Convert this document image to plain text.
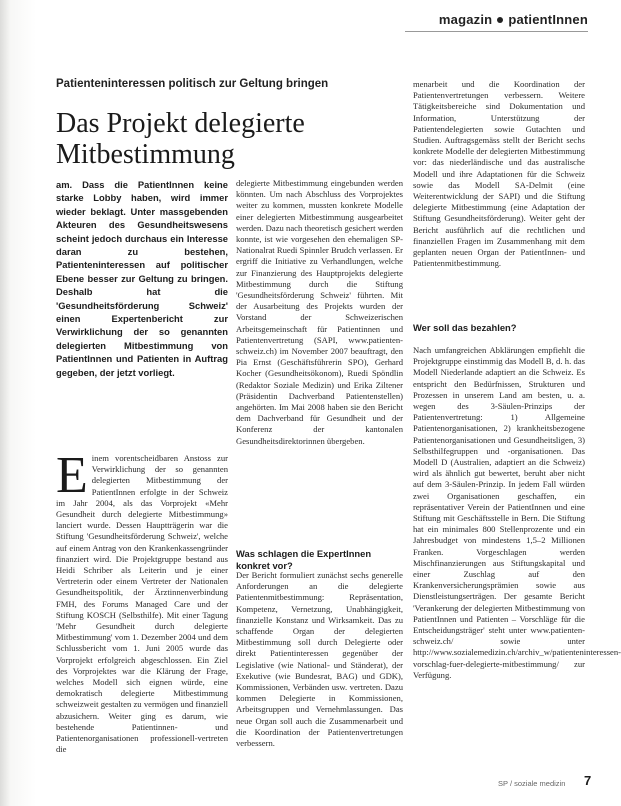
magazin patientInnen
Patienteninteressen politisch zur Geltung bringen
Das Projekt delegierte Mitbestimmung

am. Dass die PatientInnen keine starke Lobby haben, wird immer wieder beklagt. Unter massgebenden Akteuren des Gesundheitswesens scheint jedoch durchaus ein Interesse daran zu bestehen, Patienteninteressen auf politischer Ebene besser zur Geltung zu bringen. Deshalb hat die 'Gesundheitsförderung Schweiz' einen Expertenbericht zur Verwirklichung der so genannten delegierten Mitbestimmung von PatientInnen und Patienten in Auftrag gegeben, der jetzt vorliegt.

E inem vorentscheidbaren Anstoss zur Verwirklichung der so genannten delegierten Mitbestimmung der PatientInnen erfolgte in der Schweiz im Jahr 2004, als das Vorprojekt «Mehr Gesundheit durch delegierte Mitbestimmung» lanciert wurde. Dessen Hauptträgerin war die Stiftung 'Gesundheitsförderung Schweiz', welche auf einem Antrag von den Krankenkassengründer finanziert wird. Die Projektgruppe bestand aus Heidi Schriber als Leiterin und je einer Vertreterin oder einem Vertreter der Nationalen Gesundheitspolitik, der Ärztinnenverbindung FMH, des Forums Managed Care und der Stiftung KOSCH (Selbsthilfe). Mit einer Tagung 'Mehr Gesundheit durch delegierte Mitbestimmung' vom 1. Dezember 2004 und dem Schlussbericht vom 1. Juni 2005 wurde das Vorprojekt erfolgreich abgeschlossen. Ein Ziel des Vorprojektes war die Klärung der Frage, welches Modell sich eignen würde, eine demokratisch delegierte Mitbestimmung schweizweit gestalten zu vermögen und finanziell abzusichern. Weiter ging es darum, wie bestehende Patientinnen- und Patientenorganisationen professionell-vertreten die

delegierte Mitbestimmung eingebunden werden könnten. Um nach Abschluss des Vorprojektes weiter zu kommen, mussten konkrete Modelle einer delegierten Mitbestimmung ausgearbeitet werden. Dazu nach theoretisch gesichert werden konnte, ist wie vorgesehen den ehemaligen SP-Nationalrat Ruedi Spinnler Brudch verlassen. Er ergriff die Initiative zu Verhandlungen, welche zur Finanzierung des Hauptprojekts delegierte Mitbestimmung durch die Stiftung 'Gesundheitsförderung Schweiz' führten. Mit der Ausarbeitung des Projekts wurden der Vorstand der Schweizerischen Arbeitsgemeinschaft für Patientinnen und Patientenvertretung (SAPI, www.patienten-schweiz.ch) im November 2007 beauftragt, den Pia Ernst (Geschäftsführerin SPO), Gerhard Kocher (Gesundheitsökonom), Ruedi Spöndlin (Redaktor Soziale Medizin) und Erika Ziltener (Präsidentin Dachverband Patientenstellen) angehörten. Im Mai 2008 haben sie den Bericht dem Dachverband für Gesundheit und der Konferenz der kantonalen Gesundheitsdirektorinnen übergeben.

Was schlagen die ExpertInnen konkret vor?

Der Bericht formuliert zunächst sechs generelle Anforderungen an die delegierte Patientenmitbestimmung: Repräsentation, Kompetenz, Vernetzung, Unabhängigkeit, finanzielle Konstanz und Wirksamkeit. Das zu schaffende Organ der delegierten Mitbestimmung soll durch Delegierte oder direkt Patientinteressen gegenüber der Legislative (wie National- und Ständerat), der Exekutive (wie Bundesrat, BAG) und GDK), Kommissionen, Verbänden usw. vertreten. Dazu kommen Delegierte in Kommissionen, Arbeitsgruppen und Vernehmlassungen. Das neue Organ soll auch die Zusammenarbeit und die Koordination der Patientenvertretungen verbessern.

menarbeit und die Koordination der Patientenvertretungen verbessern. Weitere Tätigkeitsbereiche sind Dokumentation und Information, Unterstützung der Patientendelegierten sowie Gutachten und Studien. Auftragsgemäss stellt der Bericht sechs konkrete Modelle der delegierten Mitbestimmung vor: das niederländische und das australische Modell und ihre Adaptationen für die Schweiz sowie das Modell SA-Delmit (eine Weiterentwicklung der SAPI) und die Stiftung delegierte Mitbestimmung (eine Adaptation der Stiftung Gesundheitsförderung). Weiter geht der Bericht ausführlich auf die rechtlichen und finanziellen Fragen im Zusammenhang mit dem geplanten neuen Organ der PatientInnen- und Patientenmitbestimmung.

Wer soll das bezahlen?

Nach umfangreichen Abklärungen empfiehlt die Projektgruppe einstimmig das Modell B, d. h. das Modell Niederlande adaptiert an die Schweiz. Es entspricht den Bedürfnissen, Strukturen und Prozessen in unserem Land am besten, u. a. wegen des 3-Säulen-Prinzips der Patientenvertretung: 1) Allgemeine Patientenorganisationen, 2) krankheitsbezogene Patientenorganisationen und Gesundheitsligen, 3) Selbsthilfegruppen und -organisationen. Das Modell D (Australien, adaptiert an die Schweiz) wird als ähnlich gut bewertet, beruht aber nicht auf dem 3-Säulen-Prinzip. In jedem Fall würden zwei Organisationen geschaffen, ein repräsentativer Verein der PatientInnen und eine Stiftung mit Geschäftsstelle in Bern. Die Stiftung hat ein minimales 800 Stellenprozente und ein Jahresbudget von mindestens 1,5–2 Millionen Franken. Vorgeschlagen werden Mischfinanzierungen aus Stiftungskapital und einer Zuschlag auf den Krankenversicherungsprämien sowie aus Dienstleistungserträgen. Der gesamte Bericht 'Verankerung der delegierten Mitbestimmung von PatientInnen und Patienten – Vorschläge für die Entscheidungsträger' steht unter www.patienten-schweiz.ch/ sowie unter http://www.sozialemedizin.ch/archiv_w/patienteninteressen-vorschlag-fuer-delegierte-mitbestimmung/ zur Verfügung.

SP / soziale medizin 7
